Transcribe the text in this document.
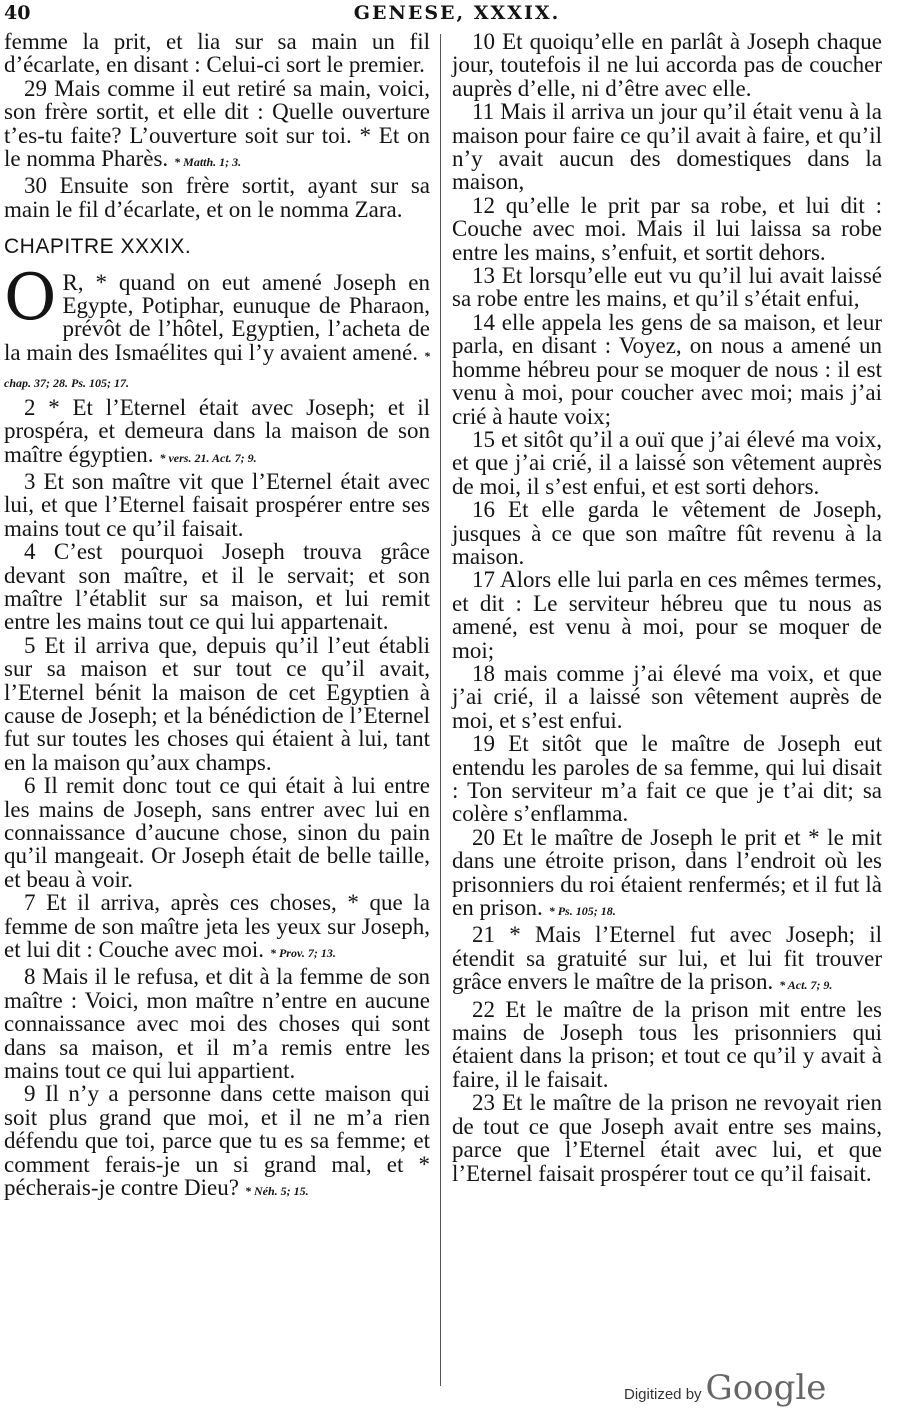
40	GENESE, XXXIX.

femme la prit, et lia sur sa main un fil d’écarlate, en disant : Celui-ci sort le premier.

29 Mais comme il eut retiré sa main, voici, son frère sortit, et elle dit : Quelle ouverture t’es-tu faite? L’ouverture soit sur toi. * Et on le nomma Pharès. * Matth. 1; 3.

30 Ensuite son frère sortit, ayant sur sa main le fil d’écarlate, et on le nomma Zara.

CHAPITRE XXXIX.

O R, * quand on eut amené Joseph en Egypte, Potiphar, eunuque de Pharaon, prévôt de l’hôtel, Egyptien, l’acheta de la main des Ismaélites qui l’y avaient amené. * chap. 37; 28. Ps. 105; 17.

2 * Et l’Eternel était avec Joseph; et il prospéra, et demeura dans la maison de son maître égyptien. * vers. 21. Act. 7; 9.

3 Et son maître vit que l’Eternel était avec lui, et que l’Eternel faisait prospérer entre ses mains tout ce qu’il faisait.

4 C’est pourquoi Joseph trouva grâce devant son maître, et il le servait; et son maître l’établit sur sa maison, et lui remit entre les mains tout ce qui lui appartenait.

5 Et il arriva que, depuis qu’il l’eut établi sur sa maison et sur tout ce qu’il avait, l’Eternel bénit la maison de cet Egyptien à cause de Joseph; et la bénédiction de l’Eternel fut sur toutes les choses qui étaient à lui, tant en la maison qu’aux champs.

6 Il remit donc tout ce qui était à lui entre les mains de Joseph, sans entrer avec lui en connaissance d’aucune chose, sinon du pain qu’il mangeait. Or Joseph était de belle taille, et beau à voir.

7 Et il arriva, après ces choses, * que la femme de son maître jeta les yeux sur Joseph, et lui dit : Couche avec moi. * Prov. 7; 13.

8 Mais il le refusa, et dit à la femme de son maître : Voici, mon maître n’entre en aucune connaissance avec moi des choses qui sont dans sa maison, et il m’a remis entre les mains tout ce qui lui appartient.

9 Il n’y a personne dans cette maison qui soit plus grand que moi, et il ne m’a rien défendu que toi, parce que tu es sa femme; et comment ferais-je un si grand mal, et * pécherais-je contre Dieu? * Néh. 5; 15.

10 Et quoiqu’elle en parlât à Joseph chaque jour, toutefois il ne lui accorda pas de coucher auprès d’elle, ni d’être avec elle.

11 Mais il arriva un jour qu’il était venu à la maison pour faire ce qu’il avait à faire, et qu’il n’y avait aucun des domestiques dans la maison,

12 qu’elle le prit par sa robe, et lui dit : Couche avec moi. Mais il lui laissa sa robe entre les mains, s’enfuit, et sortit dehors.

13 Et lorsqu’elle eut vu qu’il lui avait laissé sa robe entre les mains, et qu’il s’était enfui,

14 elle appela les gens de sa maison, et leur parla, en disant : Voyez, on nous a amené un homme hébreu pour se moquer de nous : il est venu à moi, pour coucher avec moi; mais j’ai crié à haute voix;

15 et sitôt qu’il a ouï que j’ai élevé ma voix, et que j’ai crié, il a laissé son vêtement auprès de moi, il s’est enfui, et est sorti dehors.

16 Et elle garda le vêtement de Joseph, jusques à ce que son maître fût revenu à la maison.

17 Alors elle lui parla en ces mêmes termes, et dit : Le serviteur hébreu que tu nous as amené, est venu à moi, pour se moquer de moi;

18 mais comme j’ai élevé ma voix, et que j’ai crié, il a laissé son vêtement auprès de moi, et s’est enfui.

19 Et sitôt que le maître de Joseph eut entendu les paroles de sa femme, qui lui disait : Ton serviteur m’a fait ce que je t’ai dit; sa colère s’enflamma.

20 Et le maître de Joseph le prit et * le mit dans une étroite prison, dans l’endroit où les prisonniers du roi étaient renfermés; et il fut là en prison. * Ps. 105; 18.

21 * Mais l’Eternel fut avec Joseph; il étendit sa gratuité sur lui, et lui fit trouver grâce envers le maître de la prison. * Act. 7; 9.

22 Et le maître de la prison mit entre les mains de Joseph tous les prisonniers qui étaient dans la prison; et tout ce qu’il y avait à faire, il le faisait.

23 Et le maître de la prison ne revoyait rien de tout ce que Joseph avait entre ses mains, parce que l’Eternel était avec lui, et que l’Eternel faisait prospérer tout ce qu’il faisait.

Digitized by Google
